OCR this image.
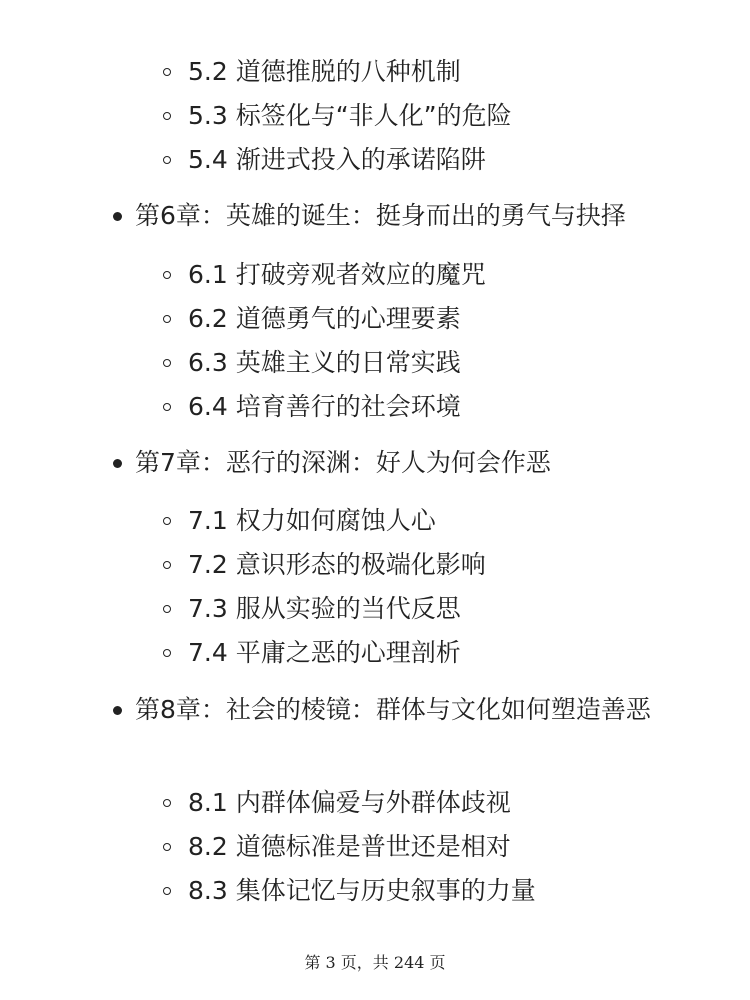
5.2 道德推脱的八种机制
5.3 标签化与“非人化”的危险
5.4 渐进式投入的承诺陷阱
第6章：英雄的诞生：挺身而出的勇气与抉择
6.1 打破旁观者效应的魔咒
6.2 道德勇气的心理要素
6.3 英雄主义的日常实践
6.4 培育善行的社会环境
第7章：恶行的深渊：好人为何会作恶
7.1 权力如何腐蚀人心
7.2 意识形态的极端化影响
7.3 服从实验的当代反思
7.4 平庸之恶的心理剖析
第8章：社会的棱镜：群体与文化如何塑造善恶
8.1 内群体偏爱与外群体歧视
8.2 道德标准是普世还是相对
8.3 集体记忆与历史叙事的力量
第 3 页，共 244 页
